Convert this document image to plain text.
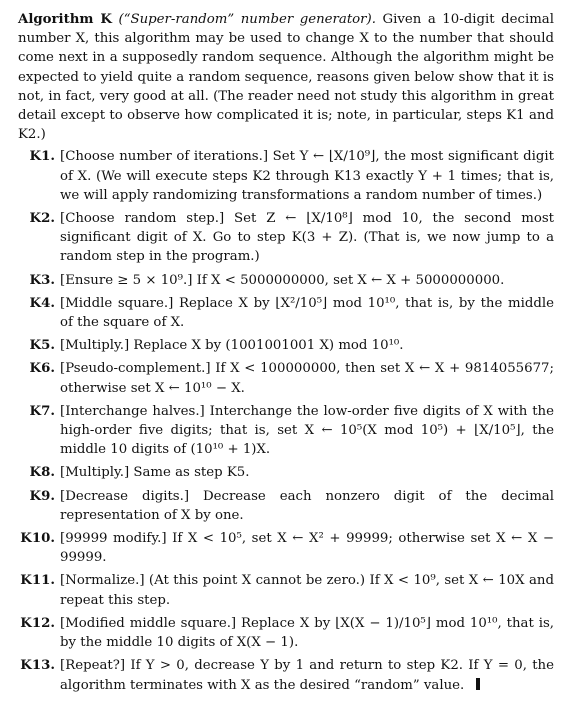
Algorithm K (“Super-random” number generator). Given a 10-digit decimal number X, this algorithm may be used to change X to the number that should come next in a supposedly random sequence. Although the algorithm might be expected to yield quite a random sequence, reasons given below show that it is not, in fact, very good at all. (The reader need not study this algorithm in great detail except to observe how complicated it is; note, in particular, steps K1 and K2.)

K1. [Choose number of iterations.] Set Y ← ⌊X/10⁹⌋, the most significant digit of X. (We will execute steps K2 through K13 exactly Y + 1 times; that is, we will apply randomizing transformations a random number of times.)
K2. [Choose random step.] Set Z ← ⌊X/10⁸⌋ mod 10, the second most significant digit of X. Go to step K(3 + Z). (That is, we now jump to a random step in the program.)
K3. [Ensure ≥ 5 × 10⁹.] If X < 5000000000, set X ← X + 5000000000.
K4. [Middle square.] Replace X by ⌊X²/10⁵⌋ mod 10¹⁰, that is, by the middle of the square of X.
K5. [Multiply.] Replace X by (1001001001 X) mod 10¹⁰.
K6. [Pseudo-complement.] If X < 100000000, then set X ← X + 9814055677; otherwise set X ← 10¹⁰ − X.
K7. [Interchange halves.] Interchange the low-order five digits of X with the high-order five digits; that is, set X ← 10⁵(X mod 10⁵) + ⌊X/10⁵⌋, the middle 10 digits of (10¹⁰ + 1)X.
K8. [Multiply.] Same as step K5.
K9. [Decrease digits.] Decrease each nonzero digit of the decimal representation of X by one.
K10. [99999 modify.] If X < 10⁵, set X ← X² + 99999; otherwise set X ← X − 99999.
K11. [Normalize.] (At this point X cannot be zero.) If X < 10⁹, set X ← 10X and repeat this step.
K12. [Modified middle square.] Replace X by ⌊X(X − 1)/10⁵⌋ mod 10¹⁰, that is, by the middle 10 digits of X(X − 1).
K13. [Repeat?] If Y > 0, decrease Y by 1 and return to step K2. If Y = 0, the algorithm terminates with X as the desired “random” value.
